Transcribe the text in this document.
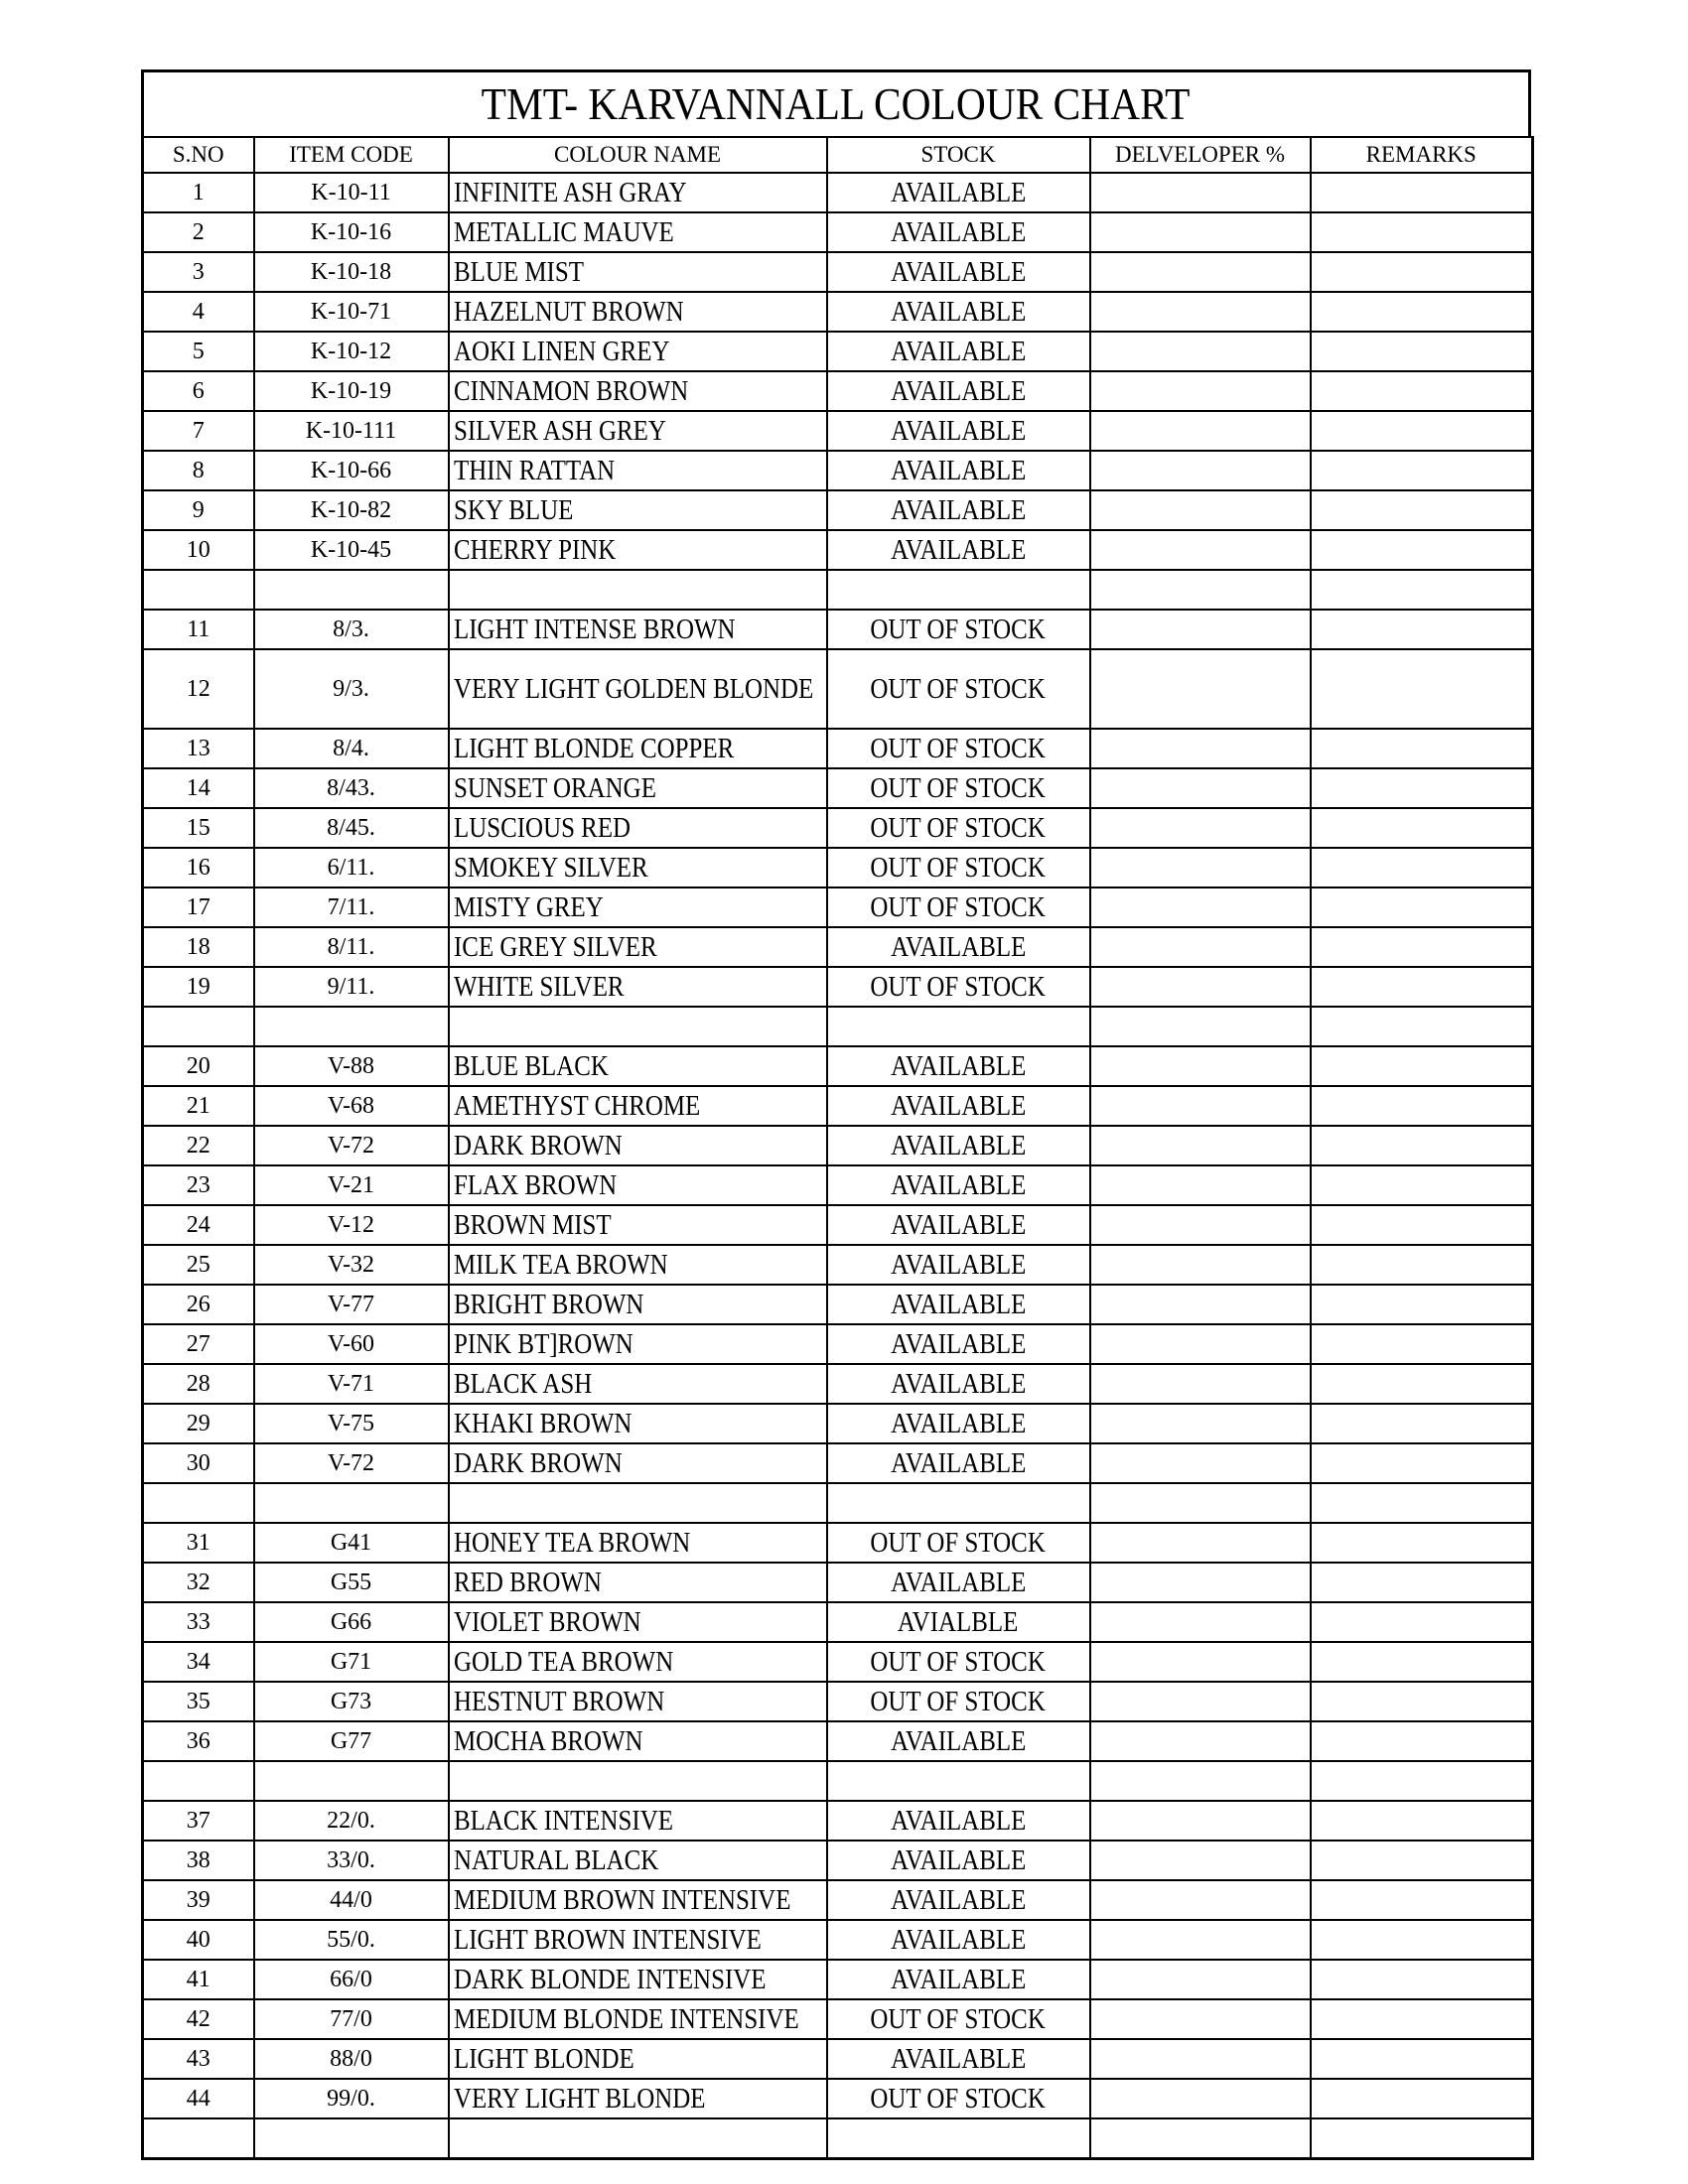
TMT- KARVANNALL COLOUR CHART
S.NO	ITEM CODE	COLOUR NAME	STOCK	DELVELOPER %	REMARKS
1	K-10-11	INFINITE ASH GRAY	AVAILABLE		
2	K-10-16	METALLIC MAUVE	AVAILABLE		
3	K-10-18	BLUE MIST	AVAILABLE		
4	K-10-71	HAZELNUT BROWN	AVAILABLE		
5	K-10-12	AOKI LINEN GREY	AVAILABLE		
6	K-10-19	CINNAMON BROWN	AVAILABLE		
7	K-10-111	SILVER ASH GREY	AVAILABLE		
8	K-10-66	THIN RATTAN	AVAILABLE		
9	K-10-82	SKY BLUE	AVAILABLE		
10	K-10-45	CHERRY PINK	AVAILABLE		

11	8/3.	LIGHT INTENSE BROWN	OUT OF STOCK		
12	9/3.	VERY LIGHT GOLDEN BLONDE	OUT OF STOCK		
13	8/4.	LIGHT BLONDE COPPER	OUT OF STOCK		
14	8/43.	SUNSET ORANGE	OUT OF STOCK		
15	8/45.	LUSCIOUS RED	OUT OF STOCK		
16	6/11.	SMOKEY SILVER	OUT OF STOCK		
17	7/11.	MISTY GREY	OUT OF STOCK		
18	8/11.	ICE GREY SILVER	AVAILABLE		
19	9/11.	WHITE SILVER	OUT OF STOCK		

20	V-88	BLUE BLACK	AVAILABLE		
21	V-68	AMETHYST CHROME	AVAILABLE		
22	V-72	DARK BROWN	AVAILABLE		
23	V-21	FLAX BROWN	AVAILABLE		
24	V-12	BROWN MIST	AVAILABLE		
25	V-32	MILK TEA BROWN	AVAILABLE		
26	V-77	BRIGHT BROWN	AVAILABLE		
27	V-60	PINK BT]ROWN	AVAILABLE		
28	V-71	BLACK ASH	AVAILABLE		
29	V-75	KHAKI BROWN	AVAILABLE		
30	V-72	DARK BROWN	AVAILABLE		

31	G41	HONEY TEA BROWN	OUT OF STOCK		
32	G55	RED BROWN	AVAILABLE		
33	G66	VIOLET BROWN	AVIALBLE		
34	G71	GOLD TEA BROWN	OUT OF STOCK		
35	G73	HESTNUT BROWN	OUT OF STOCK		
36	G77	MOCHA BROWN	AVAILABLE		

37	22/0.	BLACK INTENSIVE	AVAILABLE		
38	33/0.	NATURAL BLACK	AVAILABLE		
39	44/0	MEDIUM BROWN INTENSIVE	AVAILABLE		
40	55/0.	LIGHT BROWN INTENSIVE	AVAILABLE		
41	66/0	DARK BLONDE INTENSIVE	AVAILABLE		
42	77/0	MEDIUM BLONDE INTENSIVE	OUT OF STOCK		
43	88/0	LIGHT BLONDE	AVAILABLE		
44	99/0.	VERY LIGHT BLONDE	OUT OF STOCK		
